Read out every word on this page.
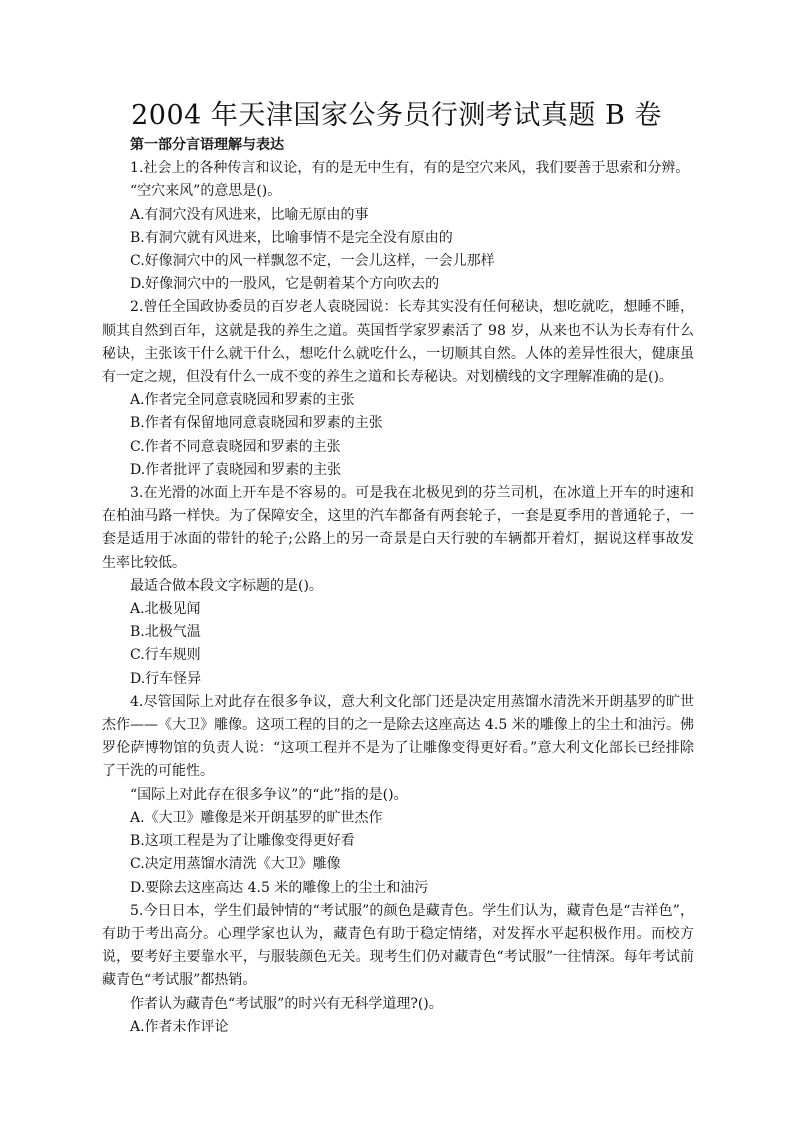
2004 年天津国家公务员行测考试真题 B 卷
第一部分言语理解与表达

1.社会上的各种传言和议论，有的是无中生有，有的是空穴来风，我们要善于思索和分辨。

“空穴来风”的意思是()。
A.有洞穴没有风进来，比喻无原由的事
B.有洞穴就有风进来，比喻事情不是完全没有原由的
C.好像洞穴中的风一样飘忽不定，一会儿这样，一会儿那样
D.好像洞穴中的一股风，它是朝着某个方向吹去的

2.曾任全国政协委员的百岁老人袁晓园说：长寿其实没有任何秘诀，想吃就吃，想睡不睡，顺其自然到百年，这就是我的养生之道。英国哲学家罗素活了 98 岁，从来也不认为长寿有什么秘诀，主张该干什么就干什么，想吃什么就吃什么，一切顺其自然。人体的差异性很大，健康虽有一定之规，但没有什么一成不变的养生之道和长寿秘诀。对划横线的文字理解准确的是()。

A.作者完全同意袁晓园和罗素的主张
B.作者有保留地同意袁晓园和罗素的主张
C.作者不同意袁晓园和罗素的主张
D.作者批评了袁晓园和罗素的主张

3.在光滑的冰面上开车是不容易的。可是我在北极见到的芬兰司机，在冰道上开车的时速和在柏油马路一样快。为了保障安全，这里的汽车都备有两套轮子，一套是夏季用的普通轮子，一套是适用于冰面的带针的轮子;公路上的另一奇景是白天行驶的车辆都开着灯，据说这样事故发生率比较低。

最适合做本段文字标题的是()。
A.北极见闻
B.北极气温
C.行车规则
D.行车怪异

4.尽管国际上对此存在很多争议，意大利文化部门还是决定用蒸馏水清洗米开朗基罗的旷世杰作——《大卫》雕像。这项工程的目的之一是除去这座高达 4.5 米的雕像上的尘土和油污。佛罗伦萨博物馆的负责人说：“这项工程并不是为了让雕像变得更好看。”意大利文化部长已经排除了干洗的可能性。

“国际上对此存在很多争议”的“此”指的是()。
A.《大卫》雕像是米开朗基罗的旷世杰作
B.这项工程是为了让雕像变得更好看
C.决定用蒸馏水清洗《大卫》雕像
D.要除去这座高达 4.5 米的雕像上的尘土和油污

5.今日日本，学生们最钟情的“考试服”的颜色是藏青色。学生们认为，藏青色是“吉祥色”，有助于考出高分。心理学家也认为，藏青色有助于稳定情绪，对发挥水平起积极作用。而校方说，要考好主要靠水平，与服装颜色无关。现考生们仍对藏青色“考试服”一往情深。每年考试前藏青色“考试服”都热销。

作者认为藏青色“考试服”的时兴有无科学道理?()。
A.作者未作评论
